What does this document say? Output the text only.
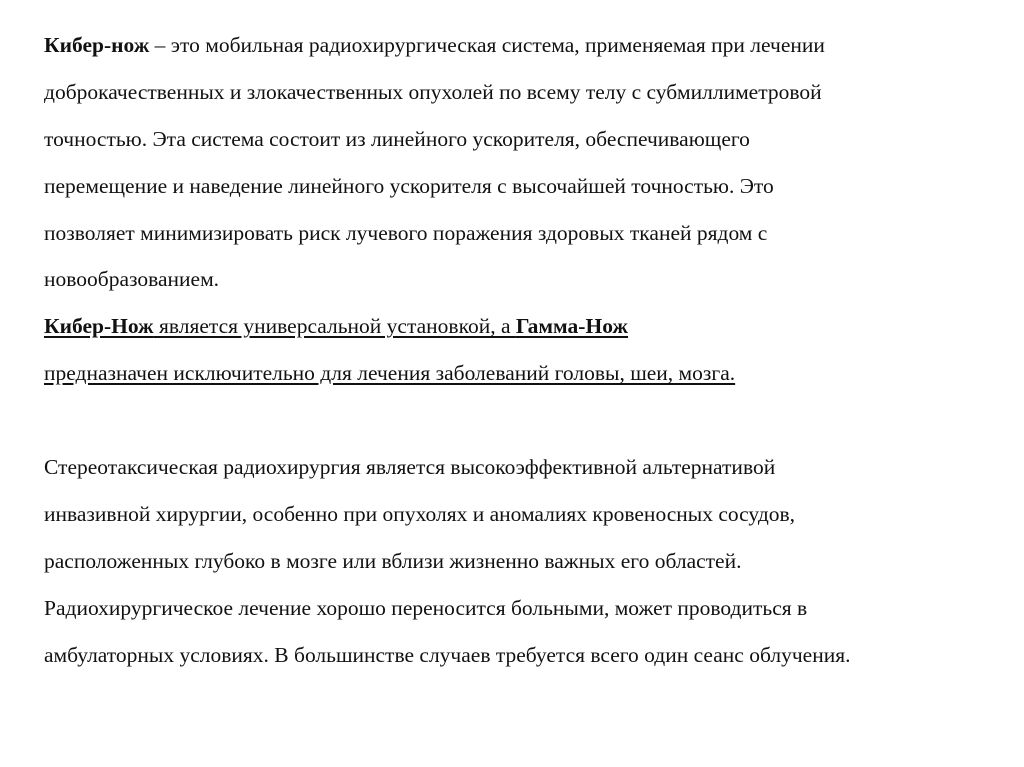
Кибер-нож – это мобильная радиохирургическая система, применяемая при лечении
доброкачественных и злокачественных опухолей по всему телу с субмиллиметровой
точностью. Эта система состоит из линейного ускорителя, обеспечивающего
перемещение и наведение линейного ускорителя с высочайшей точностью. Это
позволяет минимизировать риск лучевого поражения здоровых тканей рядом с
новообразованием.
Кибер-Нож является универсальной установкой, а Гамма-Нож
предназначен исключительно для лечения заболеваний головы, шеи, мозга.
Стереотаксическая радиохирургия является высокоэффективной альтернативой
инвазивной хирургии, особенно при опухолях и аномалиях кровеносных сосудов,
расположенных глубоко в мозге или вблизи жизненно важных его областей.
Радиохирургическое лечение хорошо переносится больными, может проводиться в
амбулаторных условиях. В большинстве случаев требуется всего один сеанс облучения.
